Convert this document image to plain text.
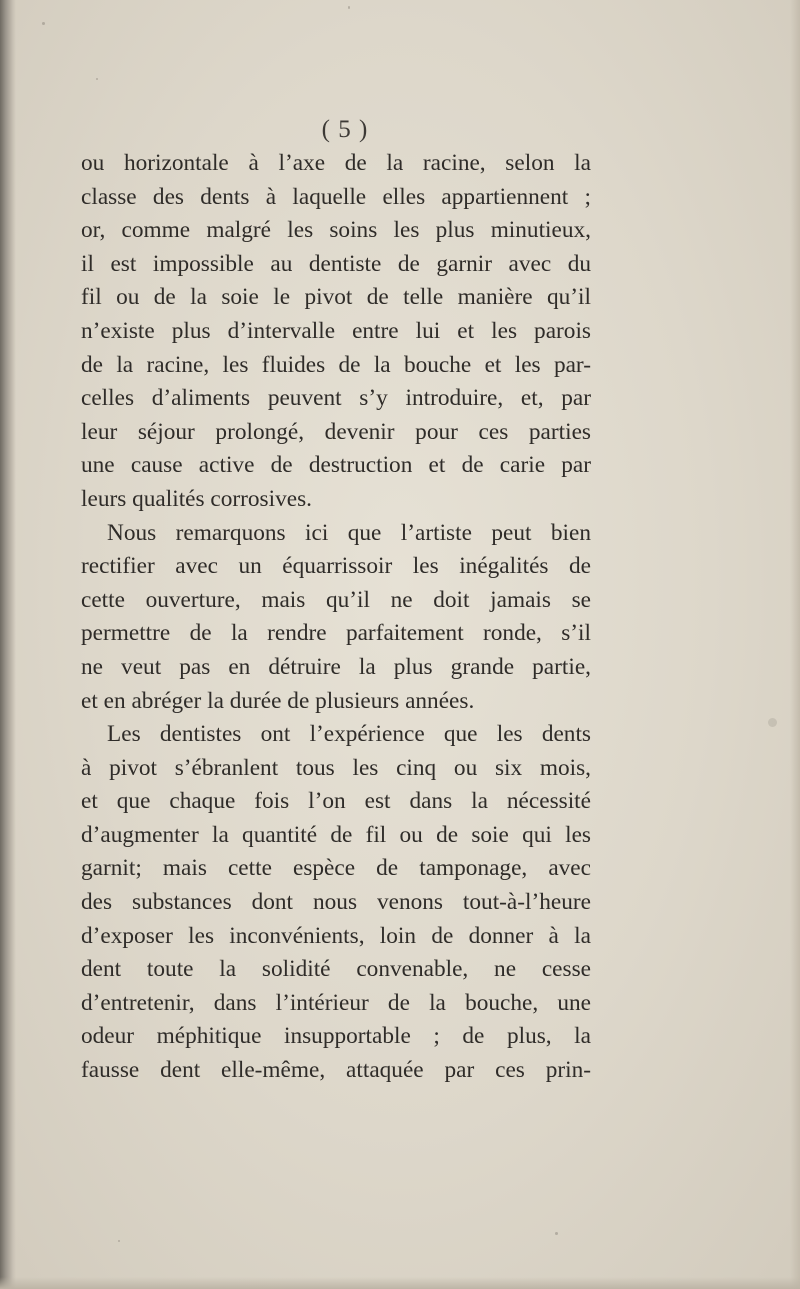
( 5 )
ou horizontale à l’axe de la racine, selon la
classe des dents à laquelle elles appartiennent ;
or, comme malgré les soins les plus minutieux,
il est impossible au dentiste de garnir avec du
fil ou de la soie le pivot de telle manière qu’il
n’existe plus d’intervalle entre lui et les parois
de la racine, les fluides de la bouche et les par-
celles d’aliments peuvent s’y introduire, et, par
leur séjour prolongé, devenir pour ces parties
une cause active de destruction et de carie par
leurs qualités corrosives.
Nous remarquons ici que l’artiste peut bien
rectifier avec un équarrissoir les inégalités de
cette ouverture, mais qu’il ne doit jamais se
permettre de la rendre parfaitement ronde, s’il
ne veut pas en détruire la plus grande partie,
et en abréger la durée de plusieurs années.
Les dentistes ont l’expérience que les dents
à pivot s’ébranlent tous les cinq ou six mois,
et que chaque fois l’on est dans la nécessité
d’augmenter la quantité de fil ou de soie qui les
garnit; mais cette espèce de tamponage, avec
des substances dont nous venons tout-à-l’heure
d’exposer les inconvénients, loin de donner à la
dent toute la solidité convenable, ne cesse
d’entretenir, dans l’intérieur de la bouche, une
odeur méphitique insupportable ; de plus, la
fausse dent elle-même, attaquée par ces prin-
